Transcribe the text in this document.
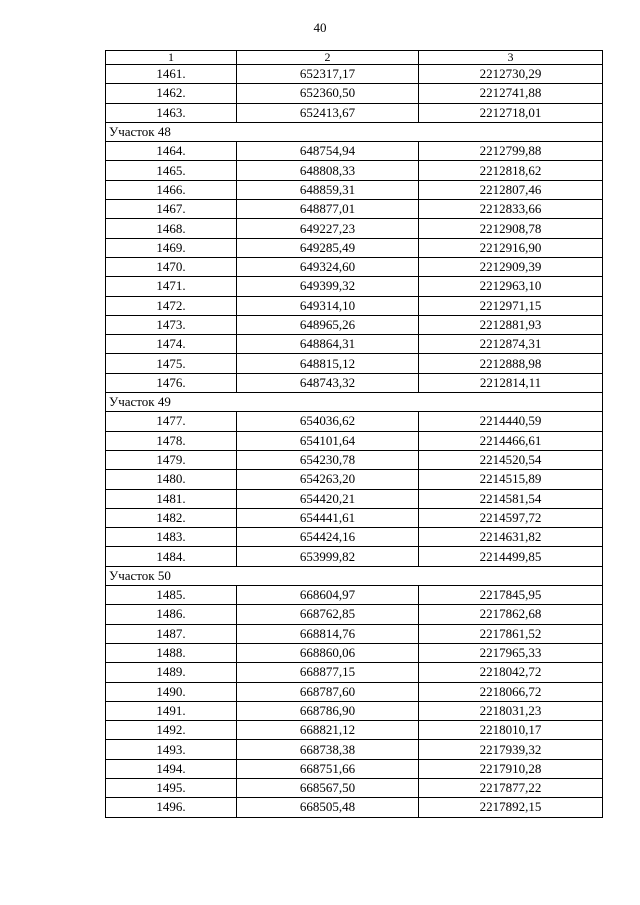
40
1	2	3
1461.	652317,17	2212730,29
1462.	652360,50	2212741,88
1463.	652413,67	2212718,01
Участок 48		
1464.	648754,94	2212799,88
1465.	648808,33	2212818,62
1466.	648859,31	2212807,46
1467.	648877,01	2212833,66
1468.	649227,23	2212908,78
1469.	649285,49	2212916,90
1470.	649324,60	2212909,39
1471.	649399,32	2212963,10
1472.	649314,10	2212971,15
1473.	648965,26	2212881,93
1474.	648864,31	2212874,31
1475.	648815,12	2212888,98
1476.	648743,32	2212814,11
Участок 49		
1477.	654036,62	2214440,59
1478.	654101,64	2214466,61
1479.	654230,78	2214520,54
1480.	654263,20	2214515,89
1481.	654420,21	2214581,54
1482.	654441,61	2214597,72
1483.	654424,16	2214631,82
1484.	653999,82	2214499,85
Участок 50		
1485.	668604,97	2217845,95
1486.	668762,85	2217862,68
1487.	668814,76	2217861,52
1488.	668860,06	2217965,33
1489.	668877,15	2218042,72
1490.	668787,60	2218066,72
1491.	668786,90	2218031,23
1492.	668821,12	2218010,17
1493.	668738,38	2217939,32
1494.	668751,66	2217910,28
1495.	668567,50	2217877,22
1496.	668505,48	2217892,15
